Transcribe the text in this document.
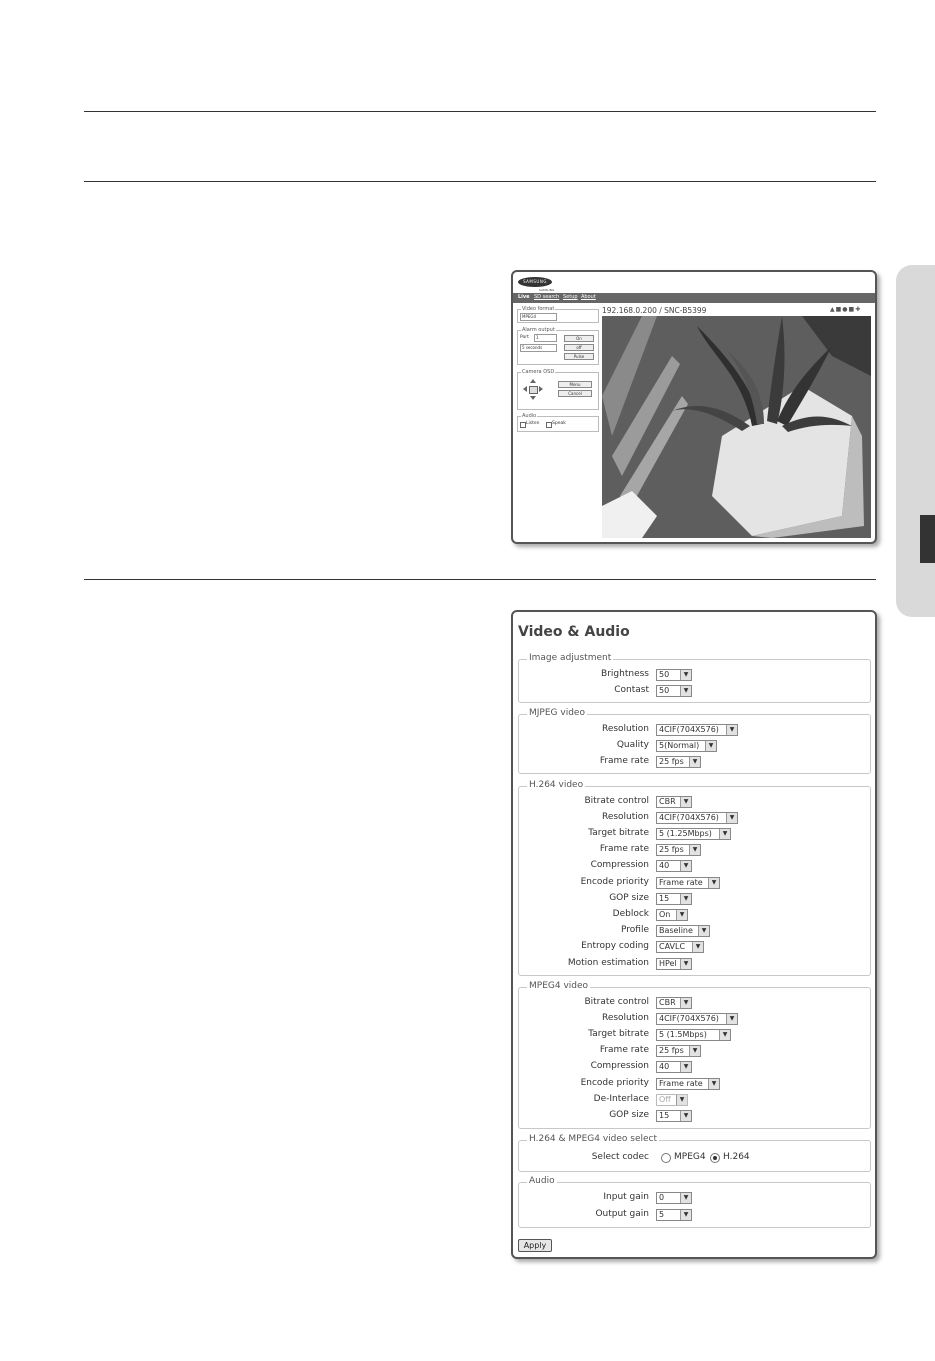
SAMSUNG
SAMSUNG
Live SD search Setup About
Video format
MPEG4
Alarm output
Port	1	On
5 seconds	off
Pulse
Camera OSD
Menu
Cancel
Audio
Listen	Speak
192.168.0.200 / SNC-B5399	▲■●■✚
Video & Audio
Image adjustment
Brightness	50	▼
Contast	50	▼
MJPEG video
Resolution	4CIF(704X576)	▼
Quality	5(Normal)	▼
Frame rate	25 fps	▼
H.264 video
Bitrate control	CBR	▼
Resolution	4CIF(704X576)	▼
Target bitrate	5 (1.25Mbps)	▼
Frame rate	25 fps	▼
Compression	40	▼
Encode priority	Frame rate	▼
GOP size	15	▼
Deblock	On	▼
Profile	Baseline	▼
Entropy coding	CAVLC	▼
Motion estimation	HPel	▼
MPEG4 video
Bitrate control	CBR	▼
Resolution	4CIF(704X576)	▼
Target bitrate	5 (1.5Mbps)	▼
Frame rate	25 fps	▼
Compression	40	▼
Encode priority	Frame rate	▼
De-Interlace	Off	▼
GOP size	15	▼
H.264 & MPEG4 video select
Select codec	MPEG4 H.264
Audio
Input gain	0	▼
Output gain	5	▼
Apply
